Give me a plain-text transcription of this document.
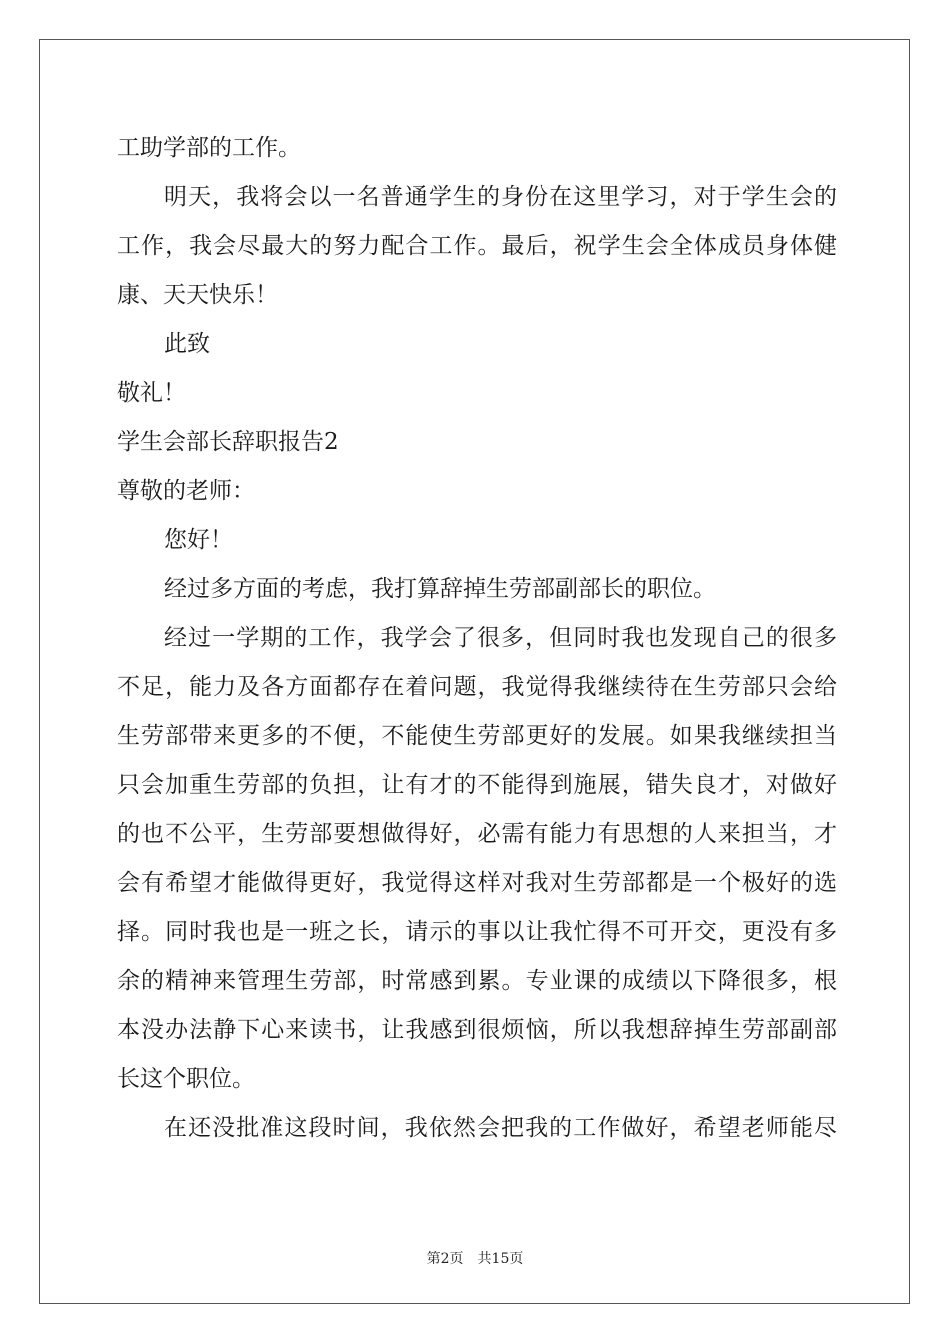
工助学部的工作。
明天，我将会以一名普通学生的身份在这里学习，对于学生会的
工作，我会尽最大的努力配合工作。最后，祝学生会全体成员身体健
康、天天快乐！
此致
敬礼！
学生会部长辞职报告2
尊敬的老师：
您好！
经过多方面的考虑，我打算辞掉生劳部副部长的职位。
经过一学期的工作，我学会了很多，但同时我也发现自己的很多
不足，能力及各方面都存在着问题，我觉得我继续待在生劳部只会给
生劳部带来更多的不便，不能使生劳部更好的发展。如果我继续担当
只会加重生劳部的负担，让有才的不能得到施展，错失良才，对做好
的也不公平，生劳部要想做得好，必需有能力有思想的人来担当，才
会有希望才能做得更好，我觉得这样对我对生劳部都是一个极好的选
择。同时我也是一班之长，请示的事以让我忙得不可开交，更没有多
余的精神来管理生劳部，时常感到累。专业课的成绩以下降很多，根
本没办法静下心来读书，让我感到很烦恼，所以我想辞掉生劳部副部
长这个职位。
在还没批准这段时间，我依然会把我的工作做好，希望老师能尽
第2页　共15页
